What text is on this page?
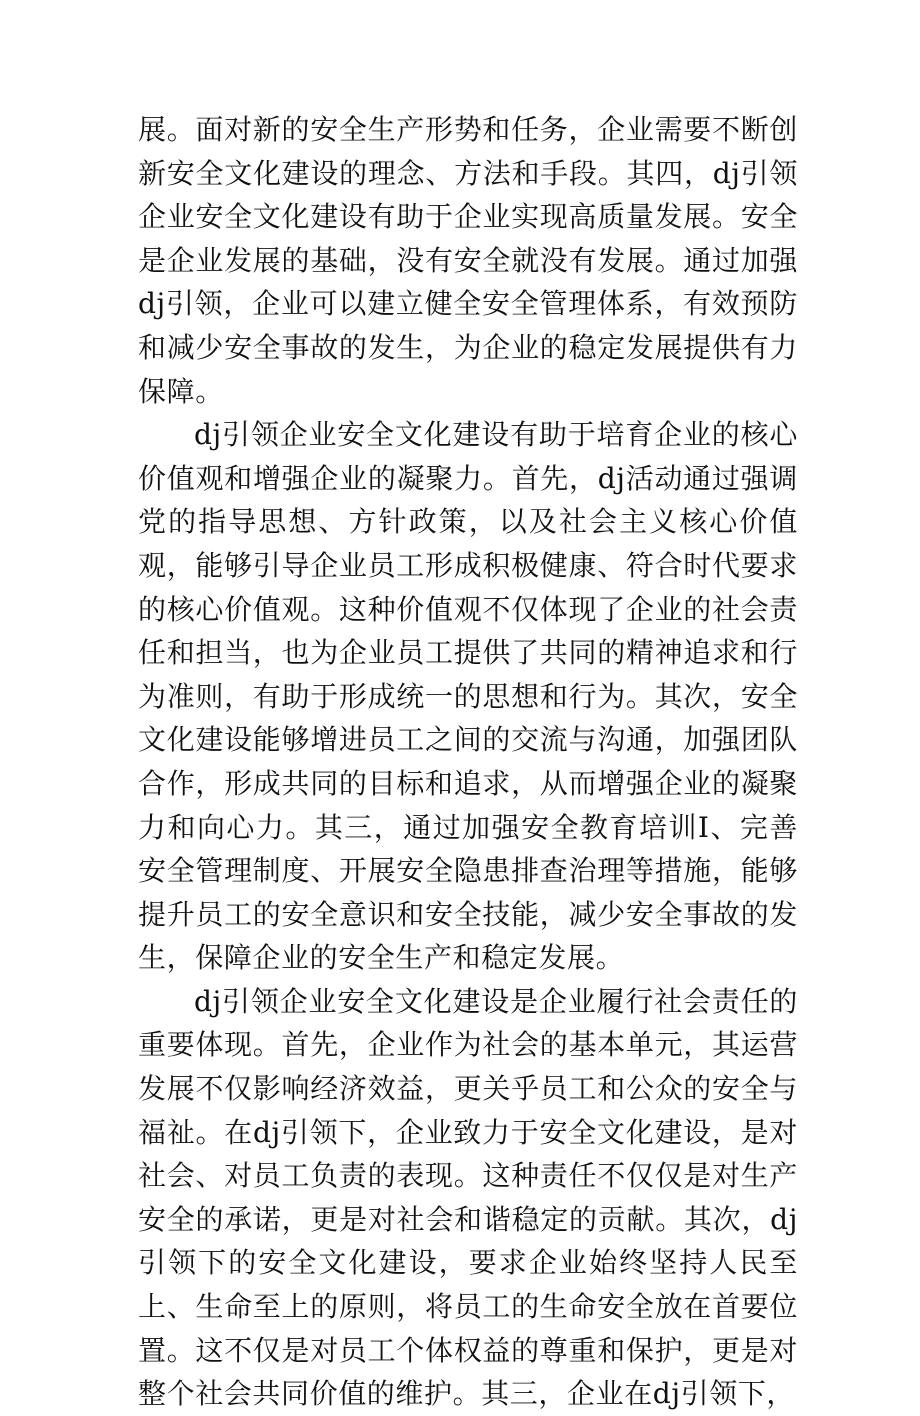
展。面对新的安全生产形势和任务，企业需要不断创新安全文化建设的理念、方法和手段。其四，dj引领企业安全文化建设有助于企业实现高质量发展。安全是企业发展的基础，没有安全就没有发展。通过加强dj引领，企业可以建立健全安全管理体系，有效预防和减少安全事故的发生，为企业的稳定发展提供有力保障。

dj引领企业安全文化建设有助于培育企业的核心价值观和增强企业的凝聚力。首先，dj活动通过强调党的指导思想、方针政策，以及社会主义核心价值观，能够引导企业员工形成积极健康、符合时代要求的核心价值观。这种价值观不仅体现了企业的社会责任和担当，也为企业员工提供了共同的精神追求和行为准则，有助于形成统一的思想和行为。其次，安全文化建设能够增进员工之间的交流与沟通，加强团队合作，形成共同的目标和追求，从而增强企业的凝聚力和向心力。其三，通过加强安全教育培训I、完善安全管理制度、开展安全隐患排查治理等措施，能够提升员工的安全意识和安全技能，减少安全事故的发生，保障企业的安全生产和稳定发展。

dj引领企业安全文化建设是企业履行社会责任的重要体现。首先，企业作为社会的基本单元，其运营发展不仅影响经济效益，更关乎员工和公众的安全与福祉。在dj引领下，企业致力于安全文化建设，是对社会、对员工负责的表现。这种责任不仅仅是对生产安全的承诺，更是对社会和谐稳定的贡献。其次，dj引领下的安全文化建设，要求企业始终坚持人民至上、生命至上的原则，将员工的生命安全放在首要位置。这不仅是对员工个体权益的尊重和保护，更是对整个社会共同价值的维护。其三，企业在dj引领下，
